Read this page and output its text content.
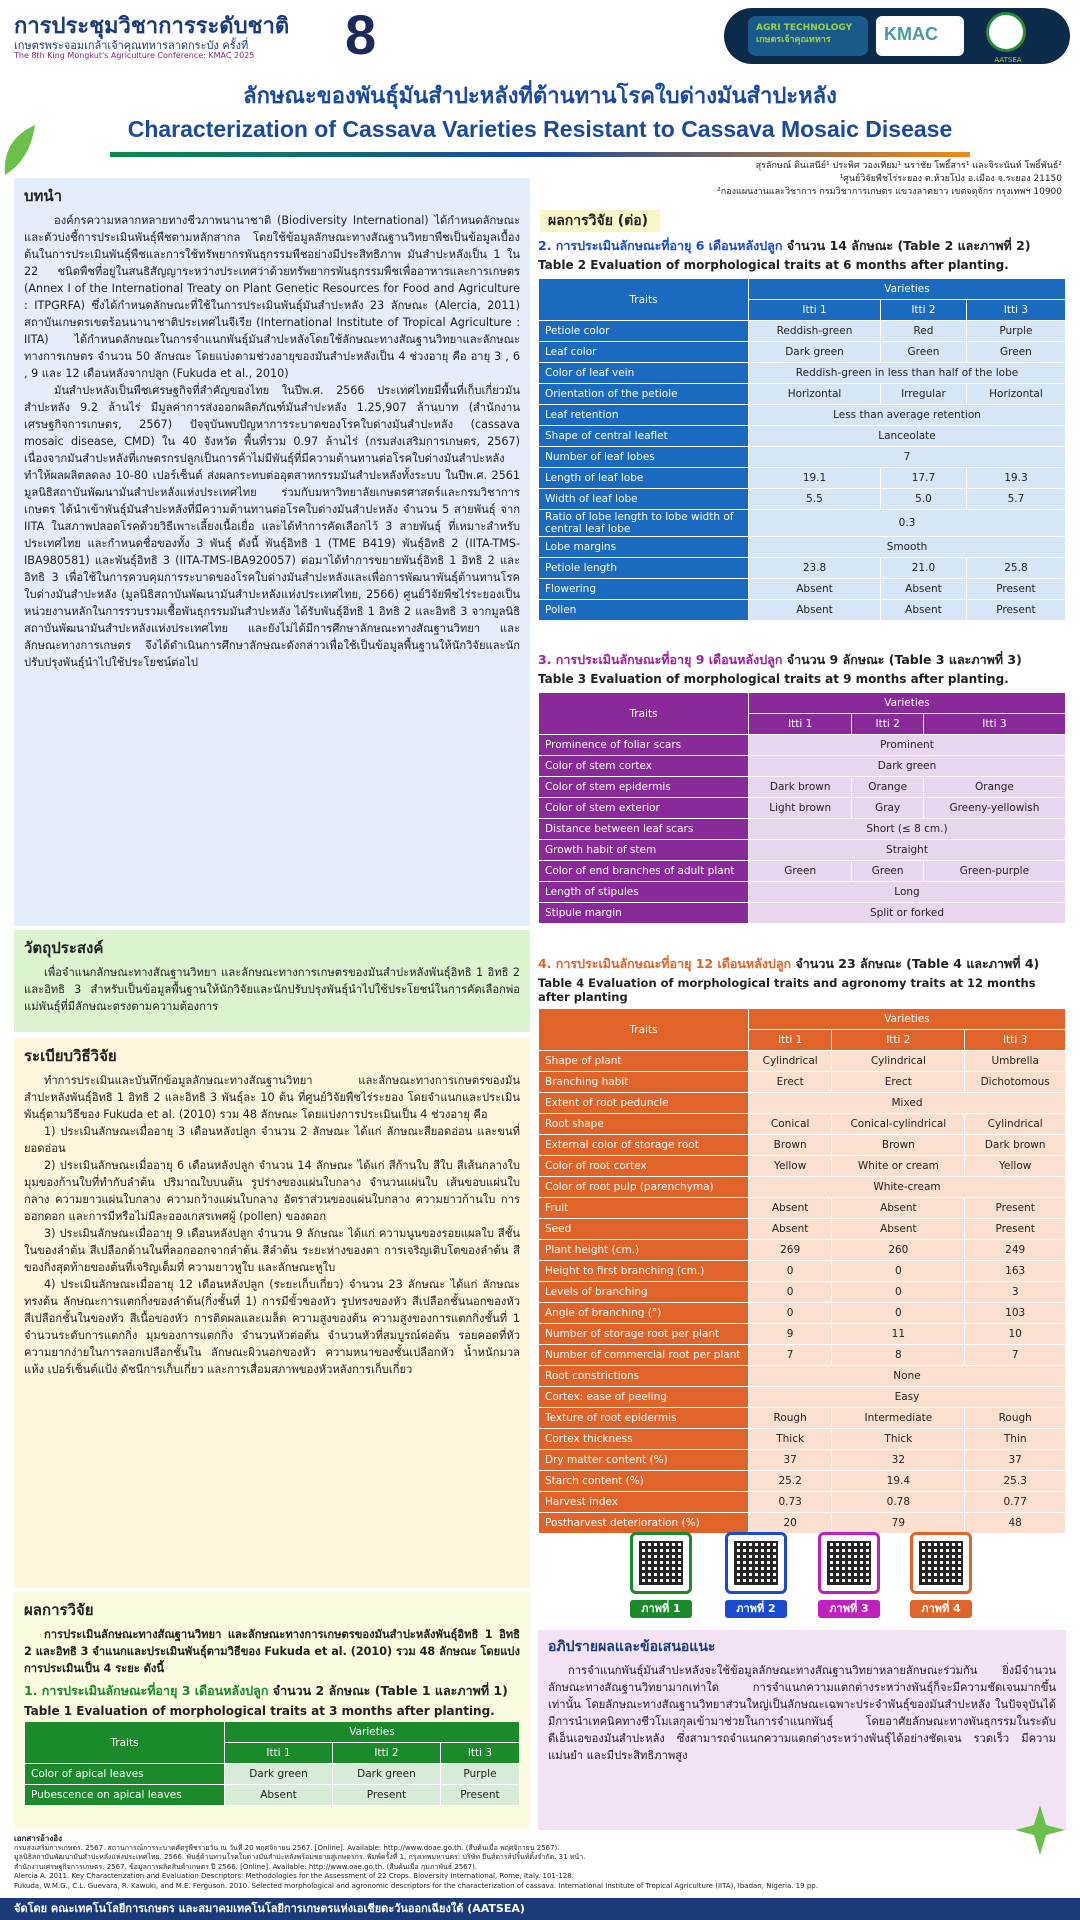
การประชุมวิชาการระดับชาติ
เกษตรพระจอมเกล้าเจ้าคุณทหารลาดกระบัง ครั้งที่
The 8th King Mongkut's Agriculture Conference: KMAC 2025 8	AGRI TECHNOLOGY เกษตรเจ้าคุณทหาร	KMAC
AATSEA
ลักษณะของพันธุ์มันสำปะหลังที่ต้านทานโรคใบด่างมันสำปะหลัง
Characterization of Cassava Varieties Resistant to Cassava Mosaic Disease
สุรลักษณ์ ดินเสนีย์¹ ประพิศ วองเทียม¹ นราชัย โพธิ์สาร¹ และจิระนันท์ โพธิ์พันธ์²
¹ศูนย์วิจัยพืชไร่ระยอง ต.ห้วยโป่ง อ.เมือง จ.ระยอง 21150
²กองแผนงานและวิชาการ กรมวิชาการเกษตร แขวงลาดยาว เขตจตุจักร กรุงเทพฯ 10900
บทนำ

องค์กรความหลากหลายทางชีวภาพนานาชาติ (Biodiversity International) ได้กำหนดลักษณะและตัวบ่งชี้การประเมินพันธุ์พืชตามหลักสากล โดยใช้ข้อมูลลักษณะทางสัณฐานวิทยาพืชเป็นข้อมูลเบื้องต้นในการประเมินพันธุ์พืชและการใช้ทรัพยากรพันธุกรรมพืชอย่างมีประสิทธิภาพ มันสำปะหลังเป็น 1 ใน 22 ชนิดพืชที่อยู่ในสนธิสัญญาระหว่างประเทศว่าด้วยทรัพยากรพันธุกรรมพืชเพื่ออาหารและการเกษตร (Annex I of the International Treaty on Plant Genetic Resources for Food and Agriculture : ITPGRFA) ซึ่งได้กำหนดลักษณะที่ใช้ในการประเมินพันธุ์มันสำปะหลัง 23 ลักษณะ (Alercia, 2011) สถาบันเกษตรเขตร้อนนานาชาติประเทศไนจีเรีย (International Institute of Tropical Agriculture : IITA) ได้กำหนดลักษณะในการจำแนกพันธุ์มันสำปะหลังโดยใช้ลักษณะทางสัณฐานวิทยาและลักษณะทางการเกษตร จำนวน 50 ลักษณะ โดยแบ่งตามช่วงอายุของมันสำปะหลังเป็น 4 ช่วงอายุ คือ อายุ 3 , 6 , 9 และ 12 เดือนหลังจากปลูก (Fukuda et al., 2010)

มันสำปะหลังเป็นพืชเศรษฐกิจที่สำคัญของไทย ในปีพ.ศ. 2566 ประเทศไทยมีพื้นที่เก็บเกี่ยวมันสำปะหลัง 9.2 ล้านไร่ มีมูลค่าการส่งออกผลิตภัณฑ์มันสำปะหลัง 1.25,907 ล้านบาท (สำนักงานเศรษฐกิจการเกษตร, 2567) ปัจจุบันพบปัญหาการระบาดของโรคใบด่างมันสำปะหลัง (cassava mosaic disease, CMD) ใน 40 จังหวัด พื้นที่รวม 0.97 ล้านไร่ (กรมส่งเสริมการเกษตร, 2567) เนื่องจากมันสำปะหลังที่เกษตรกรปลูกเป็นการค้าไม่มีพันธุ์ที่มีความต้านทานต่อโรคใบด่างมันสำปะหลัง ทำให้ผลผลิตลดลง 10-80 เปอร์เซ็นต์ ส่งผลกระทบต่ออุตสาหกรรมมันสำปะหลังทั้งระบบ ในปีพ.ศ. 2561 มูลนิธิสถาบันพัฒนามันสำปะหลังแห่งประเทศไทย ร่วมกับมหาวิทยาลัยเกษตรศาสตร์และกรมวิชาการเกษตร ได้นำเข้าพันธุ์มันสำปะหลังที่มีความต้านทานต่อโรคใบด่างมันสำปะหลัง จำนวน 5 สายพันธุ์ จาก IITA ในสภาพปลอดโรคด้วยวิธีเพาะเลี้ยงเนื้อเยื่อ และได้ทำการคัดเลือกไว้ 3 สายพันธุ์ ที่เหมาะสำหรับประเทศไทย และกำหนดชื่อของทั้ง 3 พันธุ์ ดังนี้ พันธุ์อิทธิ 1 (TME B419) พันธุ์อิทธิ 2 (IITA-TMS-IBA980581) และพันธุ์อิทธิ 3 (IITA-TMS-IBA920057) ต่อมาได้ทำการขยายพันธุ์อิทธิ 1 อิทธิ 2 และอิทธิ 3 เพื่อใช้ในการควบคุมการระบาดของโรคใบด่างมันสำปะหลังและเพื่อการพัฒนาพันธุ์ต้านทานโรคใบด่างมันสำปะหลัง (มูลนิธิสถาบันพัฒนามันสำปะหลังแห่งประเทศไทย, 2566) ศูนย์วิจัยพืชไร่ระยองเป็นหน่วยงานหลักในการรวบรวมเชื้อพันธุกรรมมันสำปะหลัง ได้รับพันธุ์อิทธิ 1 อิทธิ 2 และอิทธิ 3 จากมูลนิธิสถาบันพัฒนามันสำปะหลังแห่งประเทศไทย และยังไม่ได้มีการศึกษาลักษณะทางสัณฐานวิทยา และลักษณะทางการเกษตร จึงได้ดำเนินการศึกษาลักษณะดังกล่าวเพื่อใช้เป็นข้อมูลพื้นฐานให้นักวิจัยและนักปรับปรุงพันธุ์นำไปใช้ประโยชน์ต่อไป

วัตถุประสงค์

เพื่อจำแนกลักษณะทางสัณฐานวิทยา และลักษณะทางการเกษตรของมันสำปะหลังพันธุ์อิทธิ 1 อิทธิ 2 และอิทธิ 3 สำหรับเป็นข้อมูลพื้นฐานให้นักวิจัยและนักปรับปรุงพันธุ์นำไปใช้ประโยชน์ในการคัดเลือกพ่อแม่พันธุ์ที่มีลักษณะตรงตามความต้องการ

ระเบียบวิธีวิจัย

ทำการประเมินและบันทึกข้อมูลลักษณะทางสัณฐานวิทยา และลักษณะทางการเกษตรของมันสำปะหลังพันธุ์อิทธิ 1 อิทธิ 2 และอิทธิ 3 พันธุ์ละ 10 ต้น ที่ศูนย์วิจัยพืชไร่ระยอง โดยจำแนกและประเมินพันธุ์ตามวิธีของ Fukuda et al. (2010) รวม 48 ลักษณะ โดยแบ่งการประเมินเป็น 4 ช่วงอายุ คือ

1) ประเมินลักษณะเมื่ออายุ 3 เดือนหลังปลูก จำนวน 2 ลักษณะ ได้แก่ ลักษณะสียอดอ่อน และขนที่ยอดอ่อน

2) ประเมินลักษณะเมื่ออายุ 6 เดือนหลังปลูก จำนวน 14 ลักษณะ ได้แก่ สีก้านใบ สีใบ สีเส้นกลางใบ มุมของก้านใบที่ทำกับลำต้น ปริมาณใบบนต้น รูปร่างของแผ่นใบกลาง จำนวนแผ่นใบ เส้นขอบแผ่นใบกลาง ความยาวแผ่นใบกลาง ความกว้างแผ่นใบกลาง อัตราส่วนของแผ่นใบกลาง ความยาวก้านใบ การออกดอก และการมีหรือไม่มีละอองเกสรเพศผู้ (pollen) ของดอก

3) ประเมินลักษณะเมื่ออายุ 9 เดือนหลังปลูก จำนวน 9 ลักษณะ ได้แก่ ความนูนของรอยแผลใบ สีชั้นในของลำต้น สีเปลือกด้านในที่ลอกออกจากลำต้น สีลำต้น ระยะห่างของตา การเจริญเติบโตของลำต้น สีของกิ่งสุดท้ายของต้นที่เจริญเต็มที่ ความยาวหูใบ และลักษณะหูใบ

4) ประเมินลักษณะเมื่ออายุ 12 เดือนหลังปลูก (ระยะเก็บเกี่ยว) จำนวน 23 ลักษณะ ได้แก่ ลักษณะทรงต้น ลักษณะการแตกกิ่งของลำต้น(กิ่งชั้นที่ 1) การมีขั้วของหัว รูปทรงของหัว สีเปลือกชั้นนอกของหัว สีเปลือกชั้นในของหัว สีเนื้อของหัว การติดผลและเมล็ด ความสูงของต้น ความสูงของการแตกกิ่งชั้นที่ 1 จำนวนระดับการแตกกิ่ง มุมของการแตกกิ่ง จำนวนหัวต่อต้น จำนวนหัวที่สมบูรณ์ต่อต้น รอยคอดที่หัว ความยากง่ายในการลอกเปลือกชั้นใน ลักษณะผิวนอกของหัว ความหนาของชั้นเปลือกหัว น้ำหนักมวลแห้ง เปอร์เซ็นต์แป้ง ดัชนีการเก็บเกี่ยว และการเสื่อมสภาพของหัวหลังการเก็บเกี่ยว

ผลการวิจัย

การประเมินลักษณะทางสัณฐานวิทยา และลักษณะทางการเกษตรของมันสำปะหลังพันธุ์อิทธิ 1 อิทธิ 2 และอิทธิ 3 จำแนกและประเมินพันธุ์ตามวิธีของ Fukuda et al. (2010) รวม 48 ลักษณะ โดยแบ่งการประเมินเป็น 4 ระยะ ดังนี้

1. การประเมินลักษณะที่อายุ 3 เดือนหลังปลูก จำนวน 2 ลักษณะ (Table 1 และภาพที่ 1)
Table 1 Evaluation of morphological traits at 3 months after planting.
Traits	Varieties		
	Itti 1	Itti 2	Itti 3
Color of apical leaves	Dark green	Dark green	Purple
Pubescence on apical leaves	Absent	Present	Present
ผลการวิจัย (ต่อ)
2. การประเมินลักษณะที่อายุ 6 เดือนหลังปลูก จำนวน 14 ลักษณะ (Table 2 และภาพที่ 2)
Table 2 Evaluation of morphological traits at 6 months after planting.
Traits	Varieties		
	Itti 1	Itti 2	Itti 3
Petiole color	Reddish-green	Red	Purple
Leaf color	Dark green	Green	Green
Color of leaf vein	Reddish-green in less than half of the lobe		
Orientation of the petiole	Horizontal	Irregular	Horizontal
Leaf retention	Less than average retention		
Shape of central leaflet	Lanceolate		
Number of leaf lobes	7		
Length of leaf lobe	19.1	17.7	19.3
Width of leaf lobe	5.5	5.0	5.7
Ratio of lobe length to lobe width of central leaf lobe	0.3		
Lobe margins	Smooth		
Petiole length	23.8	21.0	25.8
Flowering	Absent	Absent	Present
Pollen	Absent	Absent	Present
3. การประเมินลักษณะที่อายุ 9 เดือนหลังปลูก จำนวน 9 ลักษณะ (Table 3 และภาพที่ 3)
Table 3 Evaluation of morphological traits at 9 months after planting.
Traits	Varieties		
	Itti 1	Itti 2	Itti 3
Prominence of foliar scars	Prominent		
Color of stem cortex	Dark green		
Color of stem epidermis	Dark brown	Orange	Orange
Color of stem exterior	Light brown	Gray	Greeny-yellowish
Distance between leaf scars	Short (≤ 8 cm.)		
Growth habit of stem	Straight		
Color of end branches of adult plant	Green	Green	Green-purple
Length of stipules	Long		
Stipule margin	Split or forked		
4. การประเมินลักษณะที่อายุ 12 เดือนหลังปลูก จำนวน 23 ลักษณะ (Table 4 และภาพที่ 4)
Table 4 Evaluation of morphological traits and agronomy traits at 12 months after planting
Traits	Varieties		
	Itti 1	Itti 2	Itti 3
Shape of plant	Cylindrical	Cylindrical	Umbrella
Branching habit	Erect	Erect	Dichotomous
Extent of root peduncle	Mixed		
Root shape	Conical	Conical-cylindrical	Cylindrical
External color of storage root	Brown	Brown	Dark brown
Color of root cortex	Yellow	White or cream	Yellow
Color of root pulp (parenchyma)	White-cream		
Fruit	Absent	Absent	Present
Seed	Absent	Absent	Present
Plant height (cm.)	269	260	249
Height to first branching (cm.)	0	0	163
Levels of branching	0	0	3
Angle of branching (°)	0	0	103
Number of storage root per plant	9	11	10
Number of commercial root per plant	7	8	7
Root constrictions	None		
Cortex: ease of peeling	Easy		
Texture of root epidermis	Rough	Intermediate	Rough
Cortex thickness	Thick	Thick	Thin
Dry matter content (%)	37	32	37
Starch content (%)	25.2	19.4	25.3
Harvest index	0.73	0.78	0.77
Postharvest deterioration (%)	20	79	48
ภาพที่ 1	ภาพที่ 2	ภาพที่ 3	ภาพที่ 4
อภิปรายผลและข้อเสนอแนะ

การจำแนกพันธุ์มันสำปะหลังจะใช้ข้อมูลลักษณะทางสัณฐานวิทยาหลายลักษณะร่วมกัน ยิ่งมีจำนวนลักษณะทางสัณฐานวิทยามากเท่าใด การจำแนกความแตกต่างระหว่างพันธุ์ก็จะมีความชัดเจนมากขึ้นเท่านั้น โดยลักษณะทางสัณฐานวิทยาส่วนใหญ่เป็นลักษณะเฉพาะประจำพันธุ์ของมันสำปะหลัง ในปัจจุบันได้มีการนำเทคนิคทางชีวโมเลกุลเข้ามาช่วยในการจำแนกพันธุ์ โดยอาศัยลักษณะทางพันธุกรรมในระดับดีเอ็นเอของมันสำปะหลัง ซึ่งสามารถจำแนกความแตกต่างระหว่างพันธุ์ได้อย่างชัดเจน รวดเร็ว มีความแม่นยำ และมีประสิทธิภาพสูง

เอกสารอ้างอิง
กรมส่งเสริมการเกษตร. 2567. สถานการณ์การระบาดศัตรูพืชรายวัน ณ วันที่ 20 พฤศจิกายน 2567. [Online]. Available: http://www.doae.go.th. (สืบค้นเมื่อ พฤศจิกายน 2567).
มูลนิธิสถาบันพัฒนามันสำปะหลังแห่งประเทศไทย. 2566. พันธุ์ต้านทานโรคใบด่างมันสำปะหลังพร้อมขยายสู่เกษตรกร. พิมพ์ครั้งที่ 1, กรุงเทพมหานคร: บริษัท ยีนส์ตารส์ปริ้นท์ติ้งจำกัด. 31 หน้า.
สำนักงานเศรษฐกิจการเกษตร. 2567. ข้อมูลการผลิตสินค้าเกษตร ปี 2566. [Online]. Available: http://www.oae.go.th. (สืบค้นเมื่อ กุมภาพันธ์ 2567).
Alercia A. 2011. Key Characterization and Evaluation Descriptors: Methodologies for the Assessment of 22 Crops. Bioversity International, Rome, Italy. 101-128.
Fukuda, W.M.G., C.L. Guevara, R. Kawuki, and M.E. Ferguson. 2010. Selected morphological and agronomic descriptors for the characterization of cassava. International Institute of Tropical Agriculture (IITA), Ibadan, Nigeria. 19 pp.
จัดโดย คณะเทคโนโลยีการเกษตร และสมาคมเทคโนโลยีการเกษตรแห่งเอเชียตะวันออกเฉียงใต้ (AATSEA)
